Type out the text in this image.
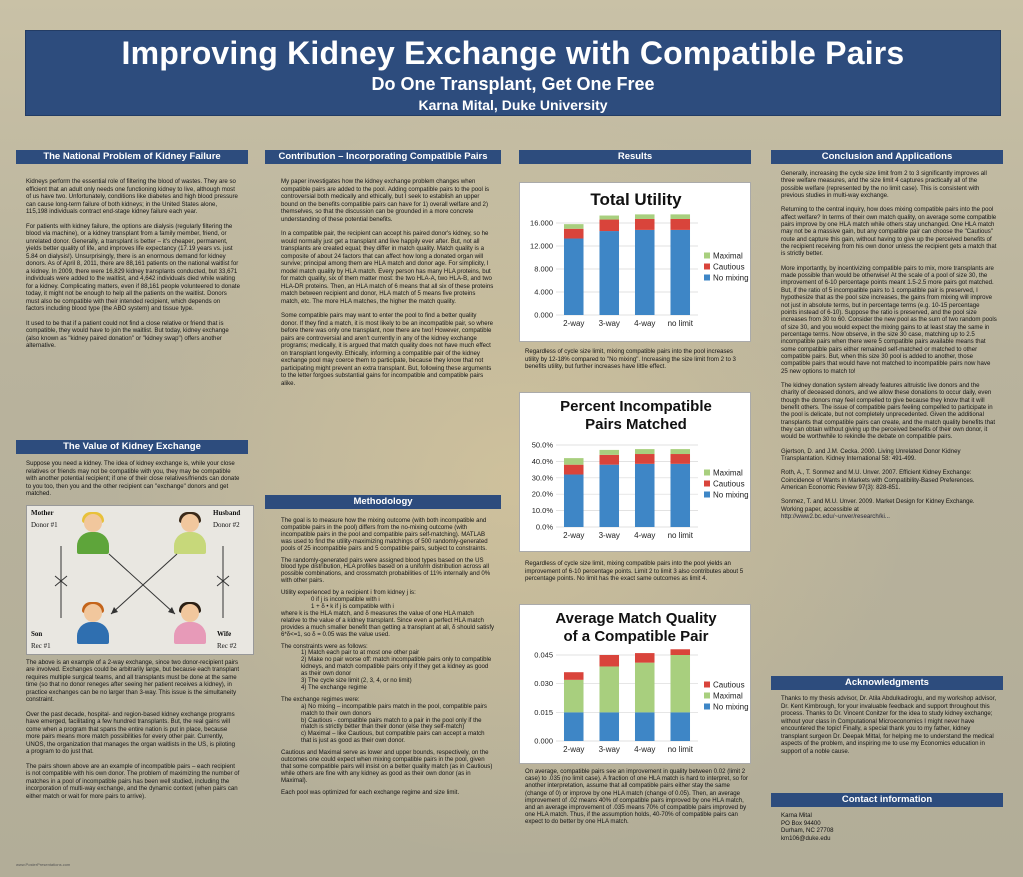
Improving Kidney Exchange with Compatible Pairs
Do One Transplant, Get One Free
Karna Mital, Duke University
The National Problem of Kidney Failure

Kidneys perform the essential role of filtering the blood of wastes. They are so efficient that an adult only needs one functioning kidney to live, although most of us have two. Unfortunately, conditions like diabetes and high blood pressure can cause long-term failure of both kidneys; in the United States alone, 115,198 individuals contract end-stage kidney failure each year.

For patients with kidney failure, the options are dialysis (regularly filtering the blood via machine), or a kidney transplant from a family member, friend, or unrelated donor. Generally, a transplant is better – it's cheaper, permanent, yields better quality of life, and improves life expectancy (17.19 years vs. just 5.84 on dialysis!). Unsurprisingly, there is an enormous demand for kidney donors. As of April 8, 2011, there are 88,161 patients on the national waitlist for a kidney. In 2009, there were 16,829 kidney transplants conducted, but 33,671 individuals were added to the waitlist, and 4,642 individuals died while waiting for a kidney. Complicating matters, even if 88,161 people volunteered to donate today, it might not be enough to help all the patients on the waitlist. Donors must also be compatible with their intended recipient, which depends on factors including blood type (the ABO system) and tissue type.

It used to be that if a patient could not find a close relative or friend that is compatible, they would have to join the waitlist. But today, kidney exchange (also known as "kidney paired donation" or "kidney swap") offers another alternative.

The Value of Kidney Exchange

Suppose you need a kidney. The idea of kidney exchange is, while your close relatives or friends may not be compatible with you, they may be compatible with another potential recipient; if one of their close relatives/friends can donate to you too, then you and the other recipient can "exchange" donors and get matched.

Mother
Donor #1
Husband
Donor #2
Son
Rec #1
Wife
Rec #2

The above is an example of a 2-way exchange, since two donor-recipient pairs are involved. Exchanges could be arbitrarily large, but because each transplant requires multiple surgical teams, and all transplants must be done at the same time (so that no donor reneges after seeing her patient receives a kidney), in practice exchanges can be no larger than 3-way. This issue is the simultaneity constraint.

Over the past decade, hospital- and region-based kidney exchange programs have emerged, facilitating a few hundred transplants. But, the real gains will come when a program that spans the entire nation is put in place, because more pairs means more match possibilities for every other pair. Currently, UNOS, the organization that manages the organ waitlists in the US, is piloting a program to do just that.

The pairs shown above are an example of incompatible pairs – each recipient is not compatible with his own donor. The problem of maximizing the number of matches in a pool of incompatible pairs has been well studied, including the incorporation of multi-way exchange, and the dynamic context (when pairs can either match or wait for more pairs to arrive).

Contribution – Incorporating Compatible Pairs

My paper investigates how the kidney exchange problem changes when compatible pairs are added to the pool. Adding compatible pairs to the pool is controversial both medically and ethically, but I seek to establish an upper bound on the benefits compatible pairs can have for 1) overall welfare and 2) themselves, so that the discussion can be grounded in a more concrete understanding of these potential benefits.

In a compatible pair, the recipient can accept his paired donor's kidney, so he would normally just get a transplant and live happily ever after. But, not all transplants are created equal; they differ in match quality. Match quality is a composite of about 24 factors that can affect how long a donated organ will survive; principal among them are HLA match and donor age. For simplicity, I model match quality by HLA match. Every person has many HLA proteins, but for match quality, six of them matter most: the two HLA-A, two HLA-B, and two HLA-DR proteins. Then, an HLA match of 6 means that all six of these proteins match between recipient and donor, HLA match of 5 means five proteins match, etc. The more HLA matches, the higher the match quality.

Some compatible pairs may want to enter the pool to find a better quality donor. If they find a match, it is most likely to be an incompatible pair, so where before there was only one transplant, now there are two! However, compatible pairs are controversial and aren't currently in any of the kidney exchange programs; medically, it is argued that match quality does not have much effect on transplant longevity. Ethically, informing a compatible pair of the kidney exchange pool may coerce them to participate, because they know that not participating might prevent an extra transplant. But, following these arguments to the letter forgoes substantial gains for incompatible and compatible pairs alike.

Methodology

The goal is to measure how the mixing outcome (with both incompatible and compatible pairs in the pool) differs from the no-mixing outcome (with incompatible pairs in the pool and compatible pairs self-matching). MATLAB was used to find the utility-maximizing matchings of 500 randomly-generated pools of 25 incompatible pairs and 5 compatible pairs, subject to constraints.

The randomly-generated pairs were assigned blood types based on the US blood type distribution, HLA profiles based on a uniform distribution across all possible combinations, and crossmatch probabilities of 11% internally and 0% with other pairs.

Utility experienced by a recipient i from kidney j is:

0 if j is incompatible with i
1 + δ • k if j is compatible with i

where k is the HLA match, and δ measures the value of one HLA match relative to the value of a kidney transplant. Since even a perfect HLA match provides a much smaller benefit than getting a transplant at all, δ should satisfy 6*δ<=1, so δ = 0.05 was the value used.

The constraints were as follows:
1) Match each pair to at most one other pair
2) Make no pair worse off: match incompatible pairs only to compatible kidneys, and match compatible pairs only if they get a kidney as good as their own donor
3) The cycle size limit (2, 3, 4, or no limit)
4) The exchange regime
The exchange regimes were:
a) No mixing – incompatible pairs match in the pool, compatible pairs match to their own donors
b) Cautious - compatible pairs match to a pair in the pool only if the match is strictly better than their donor (else they self-match)
c) Maximal – like Cautious, but compatible pairs can accept a match that is just as good as their own donor.

Cautious and Maximal serve as lower and upper bounds, respectively, on the outcomes one could expect when mixing compatible pairs in the pool, given that some compatible pairs will insist on a better quality match (as in Cautious) while others are fine with any kidney as good as their own donor (as in Maximal).

Each pool was optimized for each exchange regime and size limit.

Results
Total Utility
0.000
4.000
8.000
12.000
16.000
2-way 3-way 4-way no limit
Maximal
Cautious
No mixing
Regardless of cycle size limit, mixing compatible pairs into the pool increases utility by 12-18% compared to "No mixing". Increasing the size limit from 2 to 3 benefits utility, but further increases have little effect.
Percent Incompatible
Pairs Matched
0.0%
10.0%
20.0%
30.0%
40.0%
50.0%
2-way 3-way 4-way no limit
Maximal
Cautious
No mixing
Regardless of cycle size limit, mixing compatible pairs into the pool yields an improvement of 6-10 percentage points. Limit 2 to limit 3 also contributes about 5 percentage points. No limit has the exact same outcomes as limit 4.
Average Match Quality
of a Compatible Pair
0.000
0.015
0.030
0.045
2-way 3-way 4-way no limit
Cautious
Maximal
No mixing
On average, compatible pairs see an improvement in quality between 0.02 (limit 2 case) to .035 (no limit case). A fraction of one HLA match is hard to interpret, so for another interpretation, assume that all compatible pairs either stay the same (change of 0) or improve by one HLA match (change of 0.05). Then, an average improvement of .02 means 40% of compatible pairs improved by one HLA match, and an average improvement of .035 means 70% of compatible pairs improved by one HLA match. Thus, if the assumption holds, 40-70% of compatible pairs can expect to do better by one HLA match.
Conclusion and Applications

Generally, increasing the cycle size limit from 2 to 3 significantly improves all three welfare measures, and the size limit 4 captures practically all of the possible welfare (represented by the no limit case). This is consistent with previous studies in multi-way exchange.

Returning to the central inquiry, how does mixing compatible pairs into the pool affect welfare? In terms of their own match quality, on average some compatible pairs improve by one HLA match while others stay unchanged. One HLA match may not be a massive gain, but any compatible pair can choose the "Cautious" route and capture this gain, without having to give up the perceived benefits of the recipient receiving from his own donor unless the recipient gets a match that is strictly better.

More importantly, by incentivizing compatible pairs to mix, more transplants are made possible than would be otherwise! At the scale of a pool of size 30, the improvement of 6-10 percentage points meant 1.5-2.5 more pairs got matched. But, if the ratio of 5 incompatible pairs to 1 compatible pair is preserved, I hypothesize that as the pool size increases, the gains from mixing will improve not just in absolute terms, but in percentage terms (e.g. 10-15 percentage points instead of 6-10). Suppose the ratio is preserved, and the pool size increases from 30 to 60. Consider the new pool as the sum of two random pools of size 30, and you would expect the mixing gains to at least stay the same in percentage terms. Now observe, in the size 30 case, matching up to 2.5 incompatible pairs when there were 5 compatible pairs available means that some compatible pairs either remained self-matched or matched to other compatible pairs. But, when this size 30 pool is added to another, those compatible pairs that would have not matched to incompatible pairs now have 25 new options to match to!

The kidney donation system already features altruistic live donors and the charity of deceased donors, and we allow these donations to occur daily, even though the donors may feel compelled to give because they know that it will benefit others. The issue of compatible pairs feeling compelled to participate in the pool is delicate, but not completely unprecedented. Given the additional transplants that compatible pairs can create, and the match quality benefits that they can obtain without giving up the perceived benefits of their own donor, it would be worthwhile to rekindle the debate on compatible pairs.

Gjertson, D. and J.M. Cecka. 2000. Living Unrelated Donor Kidney Transplantation. Kidney International 58: 491-499.

Roth, A., T. Sonmez and M.U. Unver. 2007. Efficient Kidney Exchange: Coincidence of Wants in Markets with Compatibility-Based Preferences. American Economic Review 97(3): 828-851.

Sonmez, T. and M.U. Unver. 2009. Market Design for Kidney Exchange. Working paper, accessible at

http://www2.bc.edu/~unver/research/ki...
Acknowledgments
Thanks to my thesis advisor, Dr. Atila Abdulkadiroglu, and my workshop advisor, Dr. Kent Kimbrough, for your invaluable feedback and support throughout this process. Thanks to Dr. Vincent Conitzer for the idea to study kidney exchange; without your class in Computational Microeconomics I might never have encountered the topic! Finally, a special thank you to my father, kidney transplant surgeon Dr. Deepak Mittal, for helping me to understand the medical aspects of the problem, and inspiring me to use my Economics education in support of a noble cause.
Contact information
Karna Mital
PO Box 94400
Durham, NC 27708
km106@duke.edu
www.PosterPresentations.com
